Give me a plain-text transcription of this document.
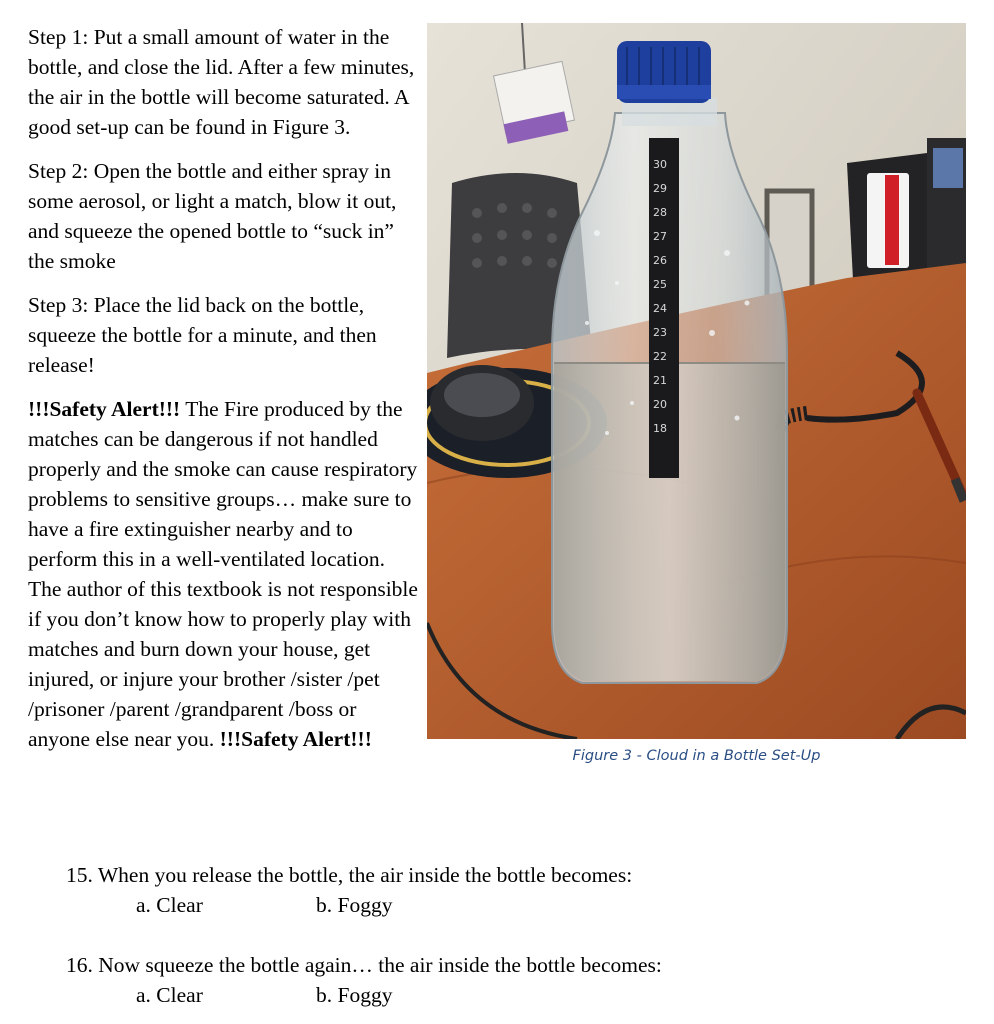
Step 1: Put a small amount of water in the bottle, and close the lid. After a few minutes, the air in the bottle will become saturated. A good set-up can be found in Figure 3.

Step 2: Open the bottle and either spray in some aerosol, or light a match, blow it out, and squeeze the opened bottle to “suck in” the smoke

Step 3: Place the lid back on the bottle, squeeze the bottle for a minute, and then release!

!!!Safety Alert!!! The Fire produced by the matches can be dangerous if not handled properly and the smoke can cause respiratory problems to sensitive groups… make sure to have a fire extinguisher nearby and to perform this in a well-ventilated location. The author of this textbook is not responsible if you don’t know how to properly play with matches and burn down your house, get injured, or injure your brother /sister /pet /prisoner /parent /grandparent /boss or anyone else near you. !!!Safety Alert!!!

30
29
28
27
26
25
24
23
22
21
20
18
Figure 3 - Cloud in a Bottle Set-Up
15. When you release the bottle, the air inside the bottle becomes:
a. Clear	b. Foggy
16. Now squeeze the bottle again… the air inside the bottle becomes:
a. Clear	b. Foggy
